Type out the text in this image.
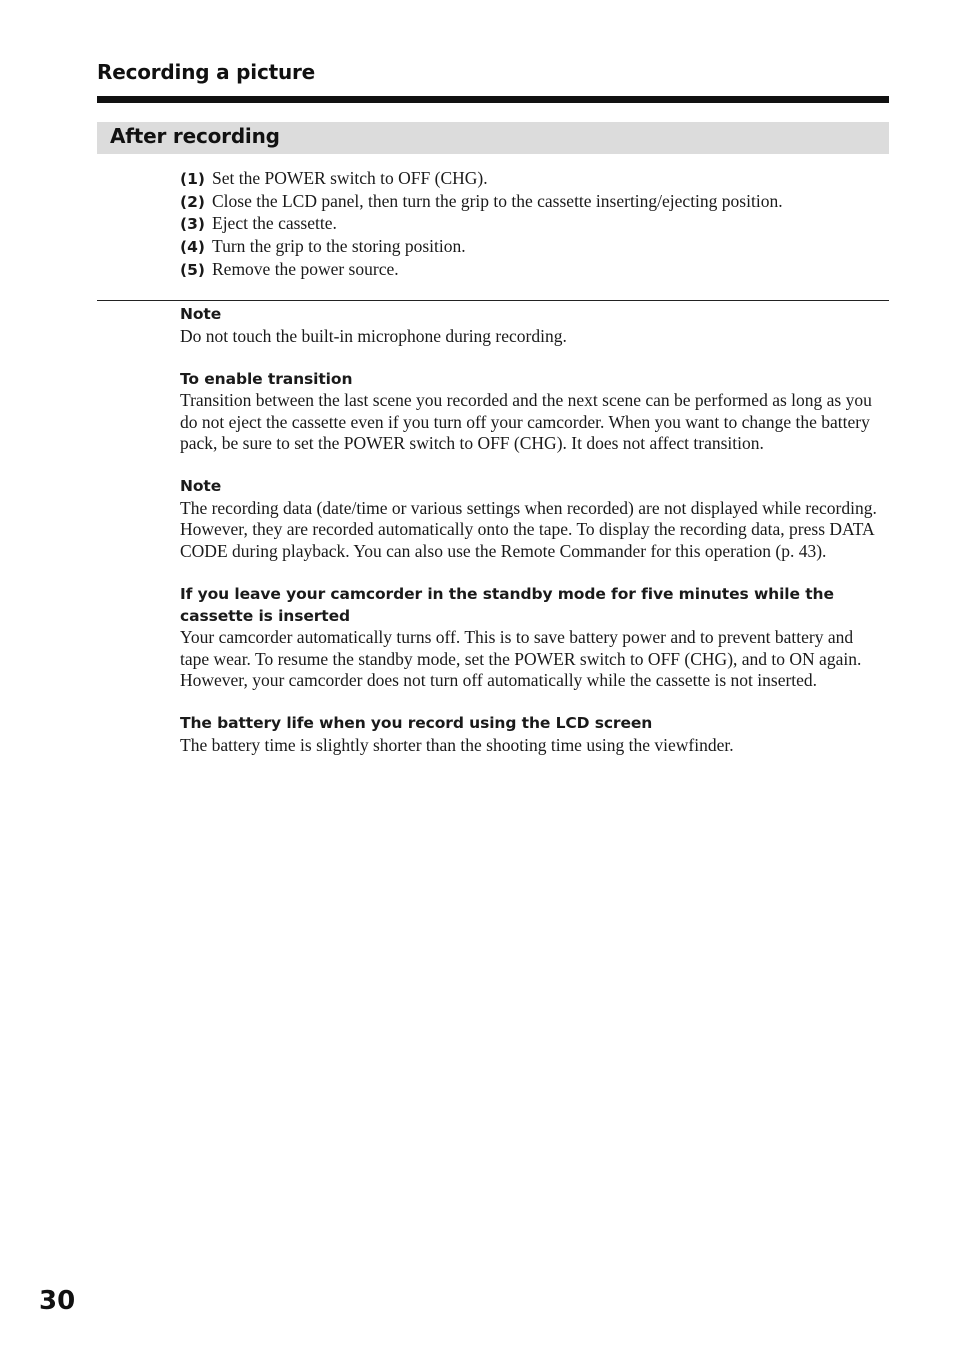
Recording a picture
After recording
(1) Set the POWER switch to OFF (CHG).
(2) Close the LCD panel, then turn the grip to the cassette inserting/ejecting position.
(3) Eject the cassette.
(4) Turn the grip to the storing position.
(5) Remove the power source.

Note

Do not touch the built-in microphone during recording.

To enable transition

Transition between the last scene you recorded and the next scene can be performed as long as you do not eject the cassette even if you turn off your camcorder. When you want to change the battery pack, be sure to set the POWER switch to OFF (CHG). It does not affect transition.

Note

The recording data (date/time or various settings when recorded) are not displayed while recording. However, they are recorded automatically onto the tape. To display the recording data, press DATA CODE during playback. You can also use the Remote Commander for this operation (p. 43).

If you leave your camcorder in the standby mode for five minutes while the cassette is inserted

Your camcorder automatically turns off. This is to save battery power and to prevent battery and tape wear. To resume the standby mode, set the POWER switch to OFF (CHG), and to ON again. However, your camcorder does not turn off automatically while the cassette is not inserted.

The battery life when you record using the LCD screen

The battery time is slightly shorter than the shooting time using the viewfinder.

30
